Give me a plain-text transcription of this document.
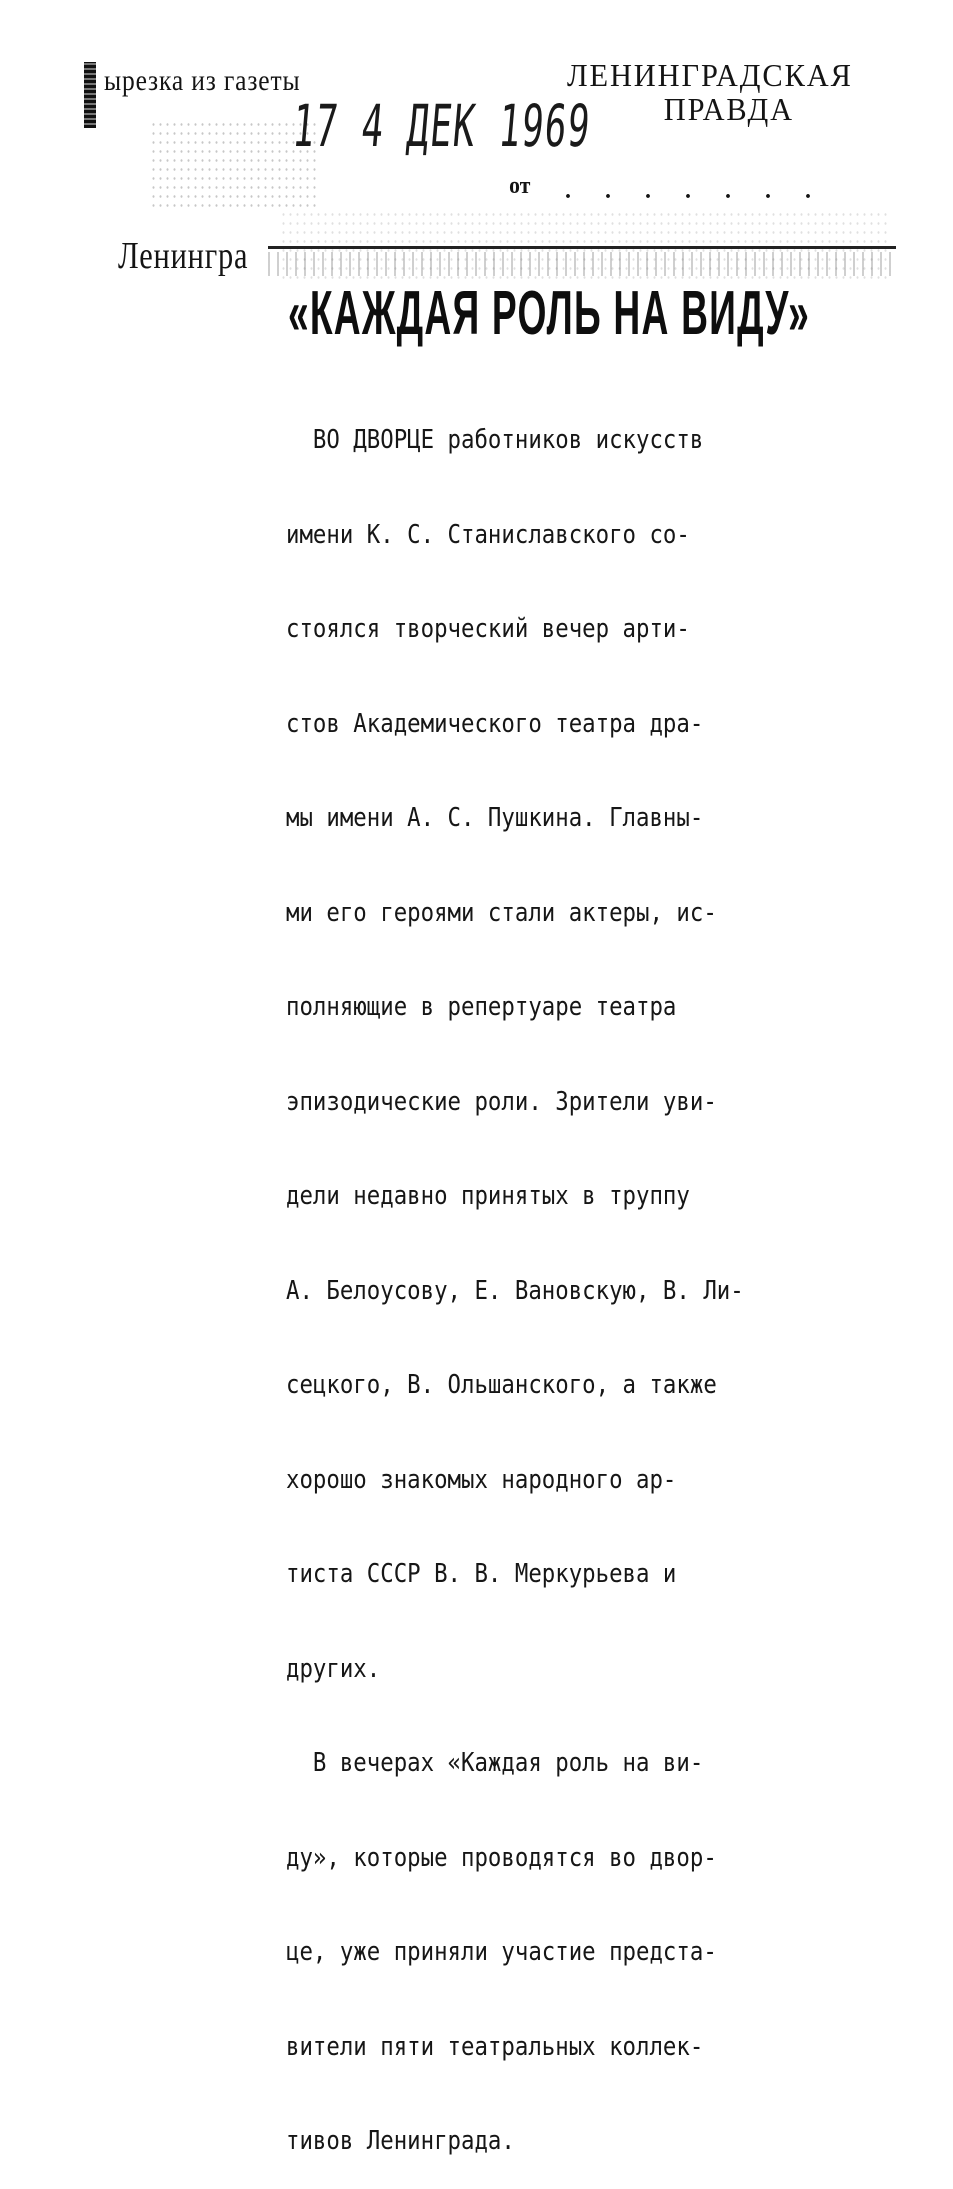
ырезка из газеты	ЛЕНИНГРАДСКАЯ
ПРАВДА
17 4 ДЕК 1969
от . . . . . . .
Ленингра
«КАЖДАЯ РОЛЬ НА ВИДУ»

ВО ДВОРЦЕ работников искусств

имени К. С. Станиславского со-

стоялся творческий вечер арти-

стов Академического театра дра-

мы имени А. С. Пушкина. Главны-

ми его героями стали актеры, ис-

полняющие в репертуаре театра

эпизодические роли. Зрители уви-

дели недавно принятых в труппу

А. Белоусову, Е. Вановскую, В. Ли-

сецкого, В. Ольшанского, а также

хорошо знакомых народного ар-

тиста СССР В. В. Меркурьева и

других.

В вечерах «Каждая роль на ви-

ду», которые проводятся во двор-

це, уже приняли участие предста-

вители пяти театральных коллек-

тивов Ленинграда.
